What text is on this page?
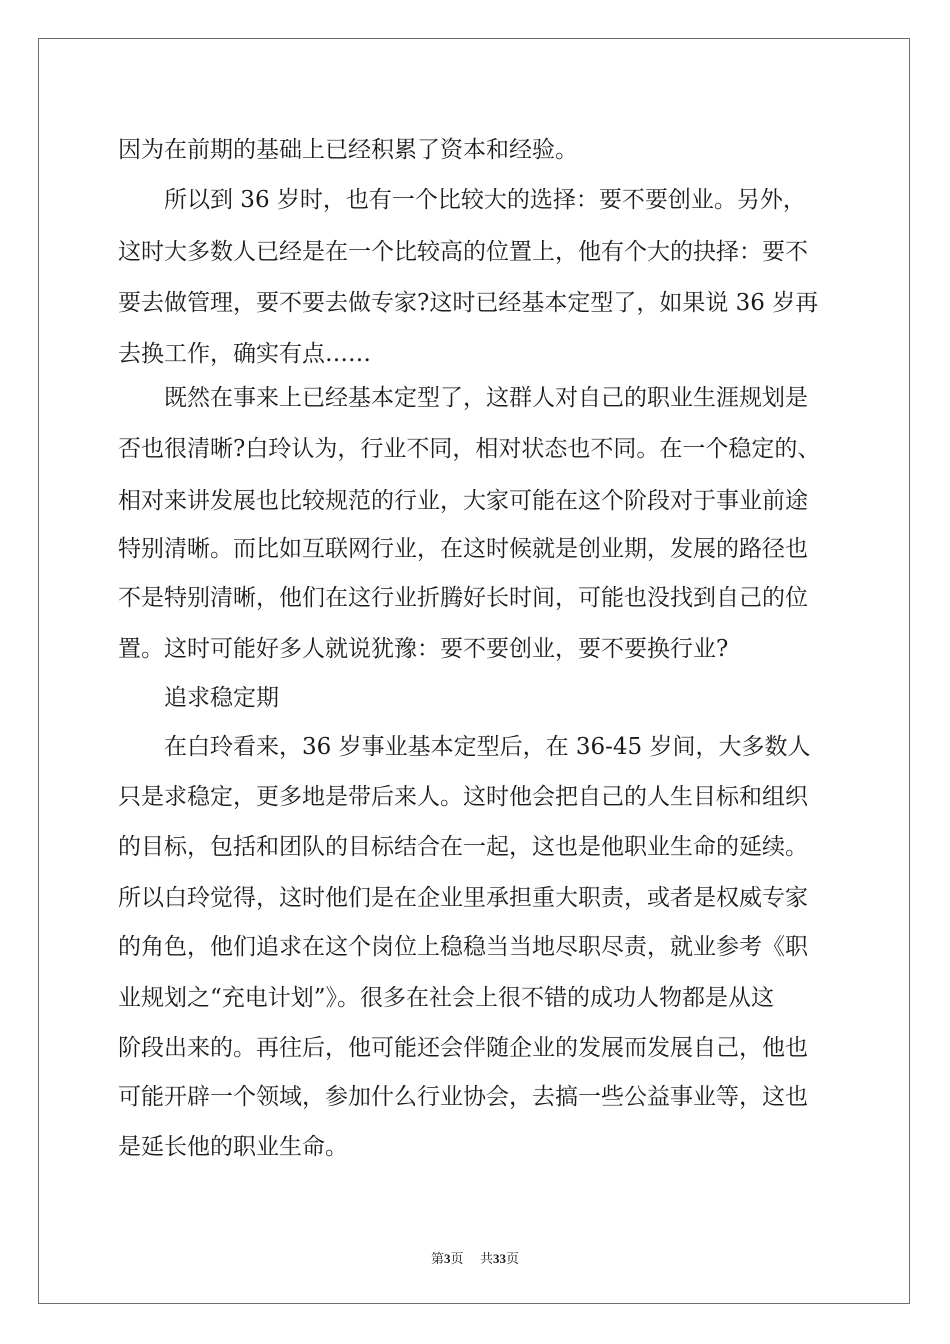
因为在前期的基础上已经积累了资本和经验。

　　所以到 36 岁时，也有一个比较大的选择：要不要创业。另外，

这时大多数人已经是在一个比较高的位置上，他有个大的抉择：要不

要去做管理，要不要去做专家?这时已经基本定型了，如果说 36 岁再

去换工作，确实有点……

　　既然在事来上已经基本定型了，这群人对自己的职业生涯规划是

否也很清晰?白玲认为，行业不同，相对状态也不同。在一个稳定的、

相对来讲发展也比较规范的行业，大家可能在这个阶段对于事业前途

特别清晰。而比如互联网行业，在这时候就是创业期，发展的路径也

不是特别清晰，他们在这行业折腾好长时间，可能也没找到自己的位

置。这时可能好多人就说犹豫：要不要创业，要不要换行业?

　　追求稳定期

　　在白玲看来，36 岁事业基本定型后，在 36-45 岁间，大多数人

只是求稳定，更多地是带后来人。这时他会把自己的人生目标和组织

的目标，包括和团队的目标结合在一起，这也是他职业生命的延续。

所以白玲觉得，这时他们是在企业里承担重大职责，或者是权威专家

的角色，他们追求在这个岗位上稳稳当当地尽职尽责，就业参考《职

业规划之“充电计划”》。很多在社会上很不错的成功人物都是从这

阶段出来的。再往后，他可能还会伴随企业的发展而发展自己，他也

可能开辟一个领域，参加什么行业协会，去搞一些公益事业等，这也

是延长他的职业生命。

第3页 共33页
